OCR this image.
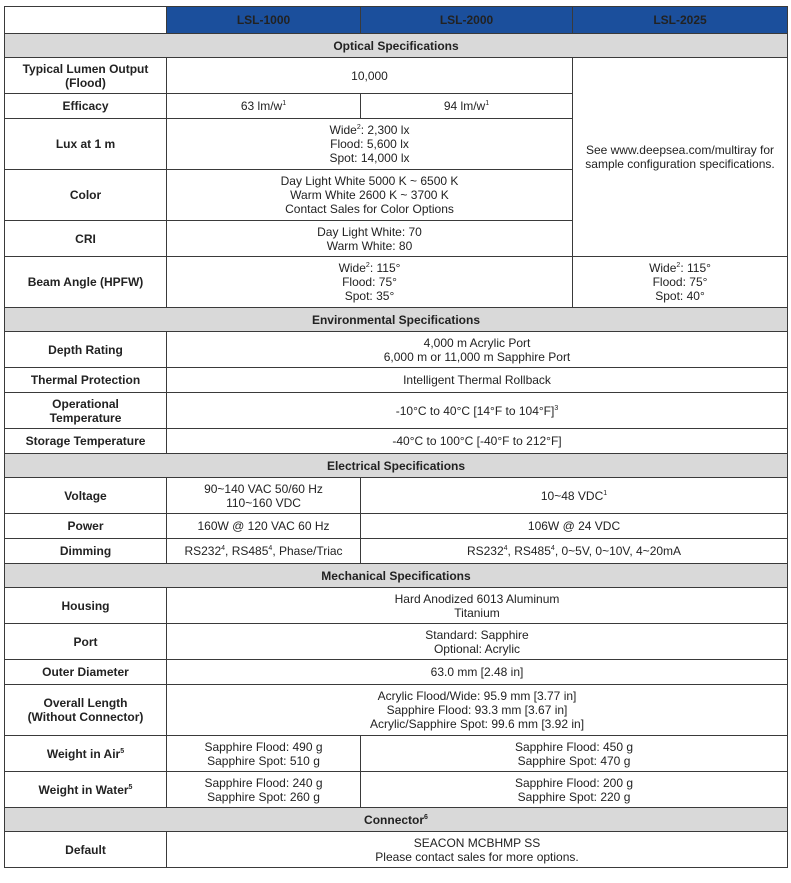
	LSL-1000	LSL-2000	LSL-2025
Optical Specifications			

Typical Lumen Output
(Flood)	10,000		See www.deepsea.com/multiray for
sample configuration specifications.

Efficacy	63 $lm/w^1$	94 $lm/w^1$
Lux at 1 m	Wide$^2$: 2,300 lx
Flood: 5,600 lx
Spot: 14,000 lx		

Color	Day Light White 5000 K ~ 6500 K
Warm White 2600 K ~ 3700 K
Contact Sales for Color Options		

CRI	Day Light White: 70
Warm White: 80		

Beam Angle (HPFW)	Wide$^2$: 115°
Flood: 75°
Spot: 35°		Wide$^2$: 115°
Flood: 75°
Spot: 40°

Environmental Specifications			
Depth Rating	4,000 m Acrylic Port
6,000 m or 11,000 m Sapphire Port		

Thermal Protection	Intelligent Thermal Rollback		

Operational
Temperature	-10°C to 40°C [14°F to 104°F]$^3$
Storage Temperature	-40°C to 100°C [-40°F to 212°F]		
Electrical Specifications			
Voltage	90~140 VAC 50/60 Hz
110~160 VDC	10~48 VDC$^1$
Power	160W @ 120 VAC 60 Hz	106W @ 24 VDC	
Dimming	$RS232^4$, $RS485^4$, Phase/Triac	$RS232^4$, $RS485^4$, 0~5V, 0~10V, 4~20mA	
Mechanical Specifications			
Housing	Hard Anodized 6013 Aluminum
Titanium		

Port	Standard: Sapphire
Optional: Acrylic		

Outer Diameter	63.0 mm [2.48 in]		

Overall Length
(Without Connector)	Acrylic Flood/Wide: 95.9 mm [3.77 in]
Sapphire Flood: 93.3 mm [3.67 in]
Acrylic/Sapphire Spot: 99.6 mm [3.92 in]		

Weight in Air$^5$	Sapphire Flood: 490 g
Sapphire Spot: 510 g	Sapphire Flood: 450 g
Sapphire Spot: 470 g	

Weight in Water$^5$	Sapphire Flood: 240 g
Sapphire Spot: 260 g	Sapphire Flood: 200 g
Sapphire Spot: 220 g	

Connector$^6$
Default	SEACON MCBHMP SS
Please contact sales for more options.		
